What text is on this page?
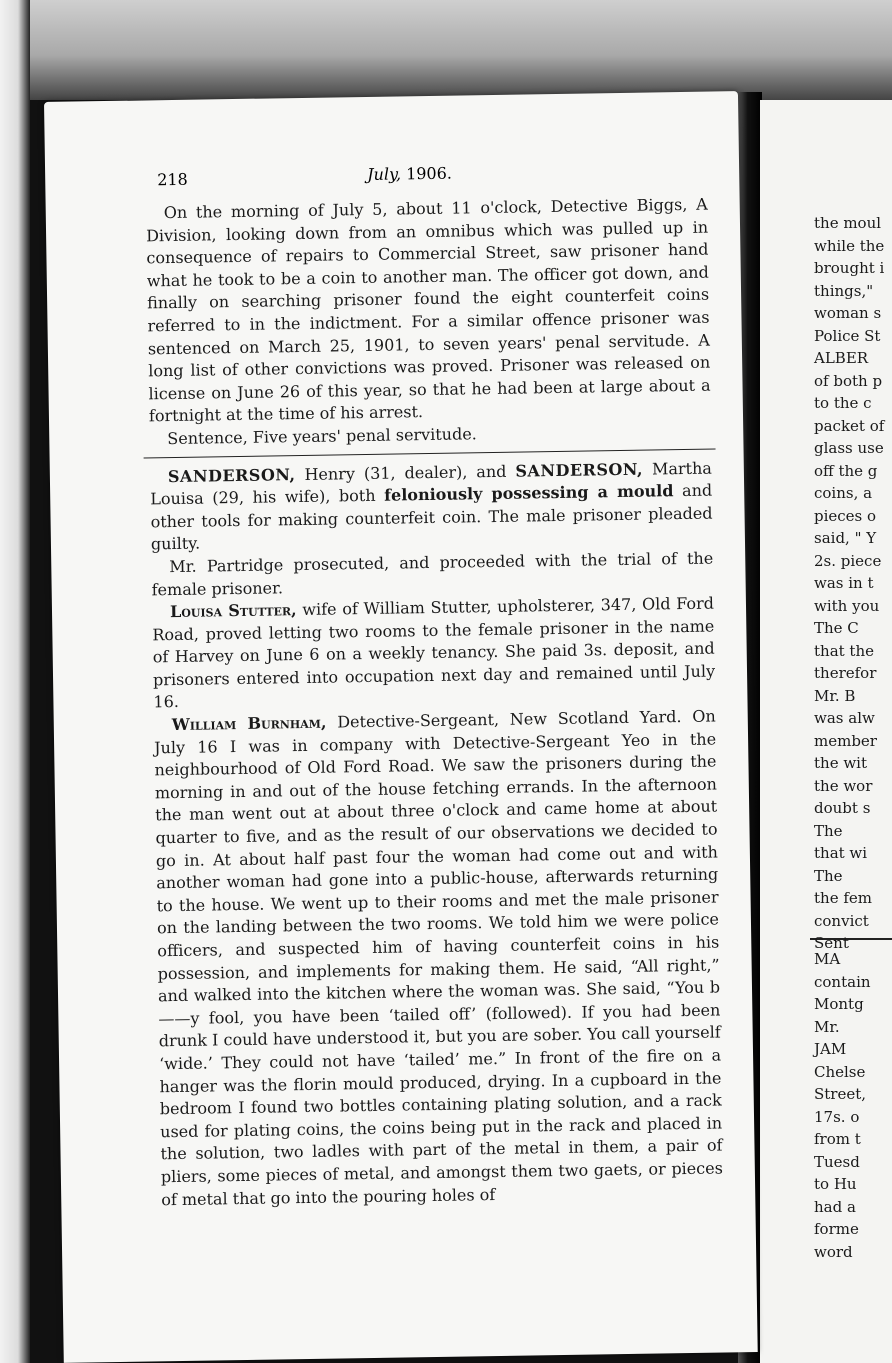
the moul
while the
brought i
things,"
woman s
Police St
ALBER
of both p
to the c
packet of
glass use
off the g
coins, a
pieces o
said, " Y
2s. piece
was in t
with you
The C
that the
therefor
Mr. B
was alw
member
the wit
the wor
doubt s
The
that wi
The
the fem
convict
Sent
MA
contain
Montg
Mr.
JAM
Chelse
Street,
17s. o
from t
Tuesd
to Hu
had a
forme
word
218	July, 1906.

On the morning of July 5, about 11 o'clock, Detective Biggs, A Division, looking down from an omnibus which was pulled up in consequence of repairs to Commercial Street, saw prisoner hand what he took to be a coin to another man. The officer got down, and finally on searching prisoner found the eight counterfeit coins referred to in the indictment. For a similar offence prisoner was sentenced on March 25, 1901, to seven years' penal servitude. A long list of other convictions was proved. Prisoner was released on license on June 26 of this year, so that he had been at large about a fortnight at the time of his arrest.

Sentence, Five years' penal servitude.

SANDERSON, Henry (31, dealer), and SANDERSON, Martha Louisa (29, his wife), both feloniously possessing a mould and other tools for making counterfeit coin. The male prisoner pleaded guilty.

Mr. Partridge prosecuted, and proceeded with the trial of the female prisoner.

Louisa Stutter, wife of William Stutter, upholsterer, 347, Old Ford Road, proved letting two rooms to the female prisoner in the name of Harvey on June 6 on a weekly tenancy. She paid 3s. deposit, and prisoners entered into occupation next day and remained until July 16.

William Burnham, Detective-Sergeant, New Scotland Yard. On July 16 I was in company with Detective-Sergeant Yeo in the neighbourhood of Old Ford Road. We saw the prisoners during the morning in and out of the house fetching errands. In the afternoon the man went out at about three o'clock and came home at about quarter to five, and as the result of our observations we decided to go in. At about half past four the woman had come out and with another woman had gone into a public-house, afterwards returning to the house. We went up to their rooms and met the male prisoner on the landing between the two rooms. We told him we were police officers, and suspected him of having counterfeit coins in his possession, and implements for making them. He said, “All right,” and walked into the kitchen where the woman was. She said, “You b——y fool, you have been ‘tailed off’ (followed). If you had been drunk I could have understood it, but you are sober. You call yourself ‘wide.’ They could not have ‘tailed’ me.” In front of the fire on a hanger was the florin mould produced, drying. In a cupboard in the bedroom I found two bottles containing plating solution, and a rack used for plating coins, the coins being put in the rack and placed in the solution, two ladles with part of the metal in them, a pair of pliers, some pieces of metal, and amongst them two gaets, or pieces of metal that go into the pouring holes of
